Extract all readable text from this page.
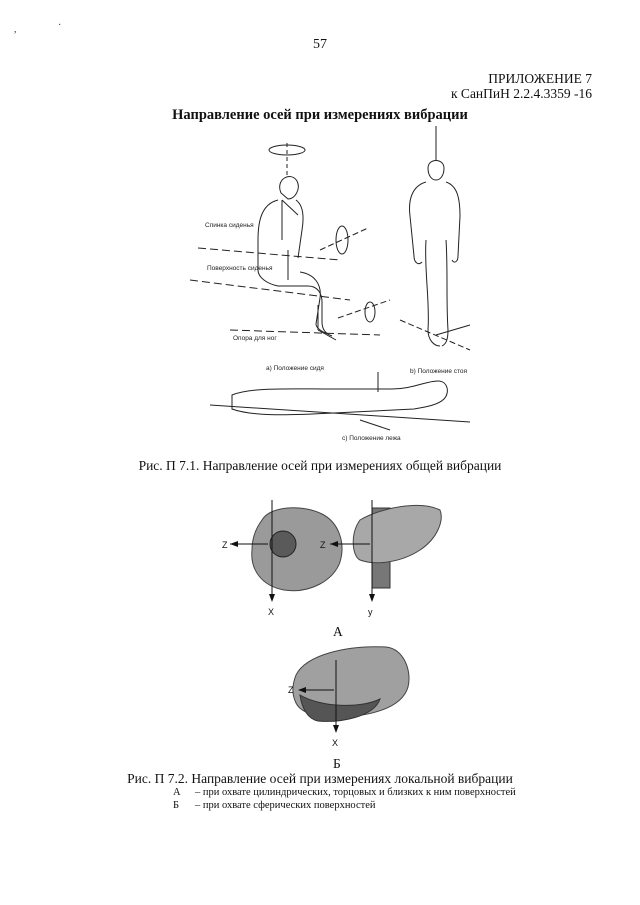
,	·
57
ПРИЛОЖЕНИЕ 7
к СанПиН 2.2.4.3359 -16
Направление осей при измерениях вибрации
Спинка сиденья
Поверхность сиденья
Опора для ног
а) Положение сидя	b) Положение стоя
с) Положение лежа
Рис. П 7.1. Направление осей при измерениях общей вибрации
Z
X
Z
y
Z
X
А
Б
Рис. П 7.2. Направление осей при измерениях локальной вибрации
А	– при охвате цилиндрических, торцовых и близких к ним поверхностей
Б	– при охвате сферических поверхностей
